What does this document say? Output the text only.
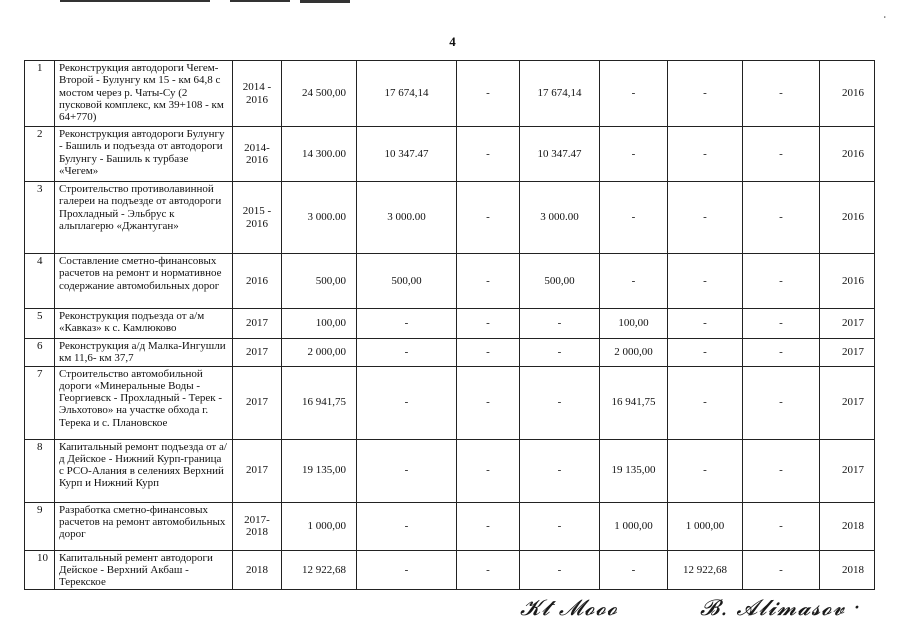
·
4
1	Реконструкция автодороги Чегем-Второй - Булунгу км 15 - км 64,8 с мостом через р. Чаты-Су (2 пусковой комплекс, км 39+108 - км 64+770)	2014 - 2016	24 500,00	17 674,14	-	17 674,14	-	-	-	2016
2	Реконструкция автодороги Булунгу - Башиль и подъезда от автодороги Булунгу - Башиль к турбазе «Чегем»	2014- 2016	14 300.00	10 347.47	-	10 347.47	-	-	-	2016
3	Строительство противолавинной галереи на подъезде от автодороги Прохладный - Эльбрус к альплагерю «Джантуган»	2015 - 2016	3 000.00	3 000.00	-	3 000.00	-	-	-	2016
4	Составление сметно-финансовых расчетов на ремонт и нормативное содержание автомобильных дорог	2016	500,00	500,00	-	500,00	-	-	-	2016
5	Реконструкция подъезда от а/м «Кавказ» к с. Камлюково	2017	100,00	-	-	-	100,00	-	-	2017
6	Реконструкция а/д Малка-Ингушли км 11,6- км 37,7	2017	2 000,00	-	-	-	2 000,00	-	-	2017
7	Строительство автомобильной дороги «Минеральные Воды - Георгиевск - Прохладный - Терек - Эльхотово» на участке обхода г. Терека и с. Плановское	2017	16 941,75	-	-	-	16 941,75	-	-	2017
8	Капитальный ремонт подъезда от а/д Дейское - Нижний Курп-граница с РСО-Алания в селениях Верхний Курп и Нижний Курп	2017	19 135,00	-	-	-	19 135,00	-	-	2017
9	Разработка сметно-финансовых расчетов на ремонт автомобильных дорог	2017- 2018	1 000,00	-	-	-	1 000,00	1 000,00	-	2018
10	Капитальный ремент автодороги Дейское - Верхний Акбаш - Терекское	2018	12 922,68	-	-	-	-	12 922,68	-	2018
𝓚𝓽 𝓜𝓸𝓸𝓸	𝓑. 𝓐𝓵𝓲𝓶𝓪𝓼𝓸𝓿 ·
